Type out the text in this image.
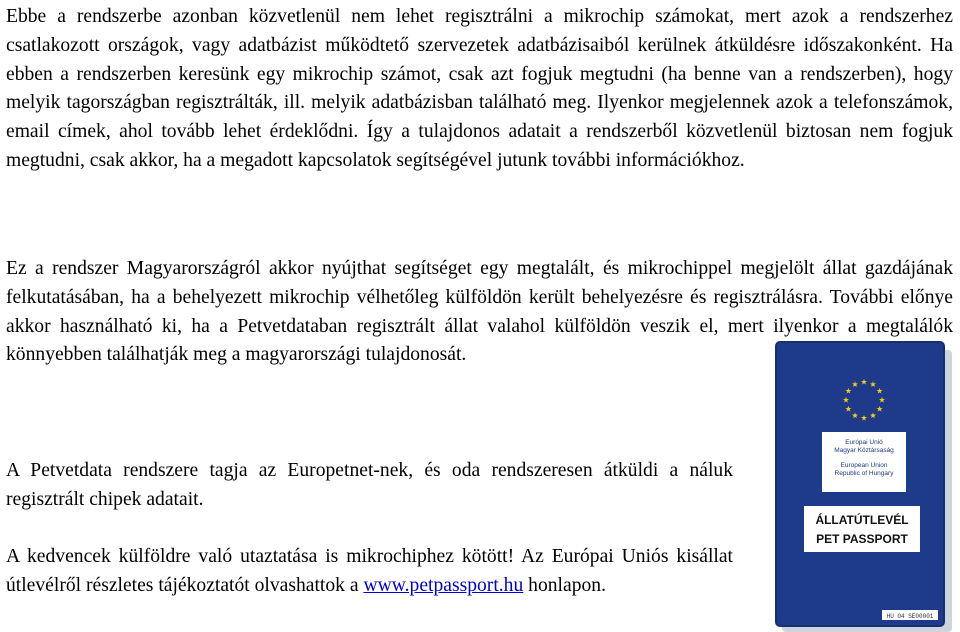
Ebbe a rendszerbe azonban közvetlenül nem lehet regisztrálni a mikrochip számokat, mert azok a rendszerhez csatlakozott országok, vagy adatbázist működtető szervezetek adatbázisaiból kerülnek átküldésre időszakonként. Ha ebben a rendszerben keresünk egy mikrochip számot, csak azt fogjuk megtudni (ha benne van a rendszerben), hogy melyik tagországban regisztrálták, ill. melyik adatbázisban található meg. Ilyenkor megjelennek azok a telefonszámok, email címek, ahol tovább lehet érdeklődni. Így a tulajdonos adatait a rendszerből közvetlenül biztosan nem fogjuk megtudni, csak akkor, ha a megadott kapcsolatok segítségével jutunk további információkhoz.

Ez a rendszer Magyarországról akkor nyújthat segítséget egy megtalált, és mikrochippel megjelölt állat gazdájának felkutatásában, ha a behelyezett mikrochip vélhetőleg külföldön került behelyezésre és regisztrálásra. További előnye akkor használható ki, ha a Petvetdataban regisztrált állat valahol külföldön veszik el, mert ilyenkor a megtalálók könnyebben találhatják meg a magyarországi tulajdonosát.

A Petvetdata rendszere tagja az Europetnet-nek, és oda rendszeresen átküldi a náluk regisztrált chipek adatait.

A kedvencek külföldre való utaztatása is mikrochiphez kötött! Az Európai Uniós kisállat útlevélről részletes tájékoztatót olvashattok a www.petpassport.hu honlapon.

Európai Unió
Magyar Köztársaság
European Union
Republic of Hungary
ÁLLATÚTLEVÉL
PET PASSPORT
HU 04 SE00001
